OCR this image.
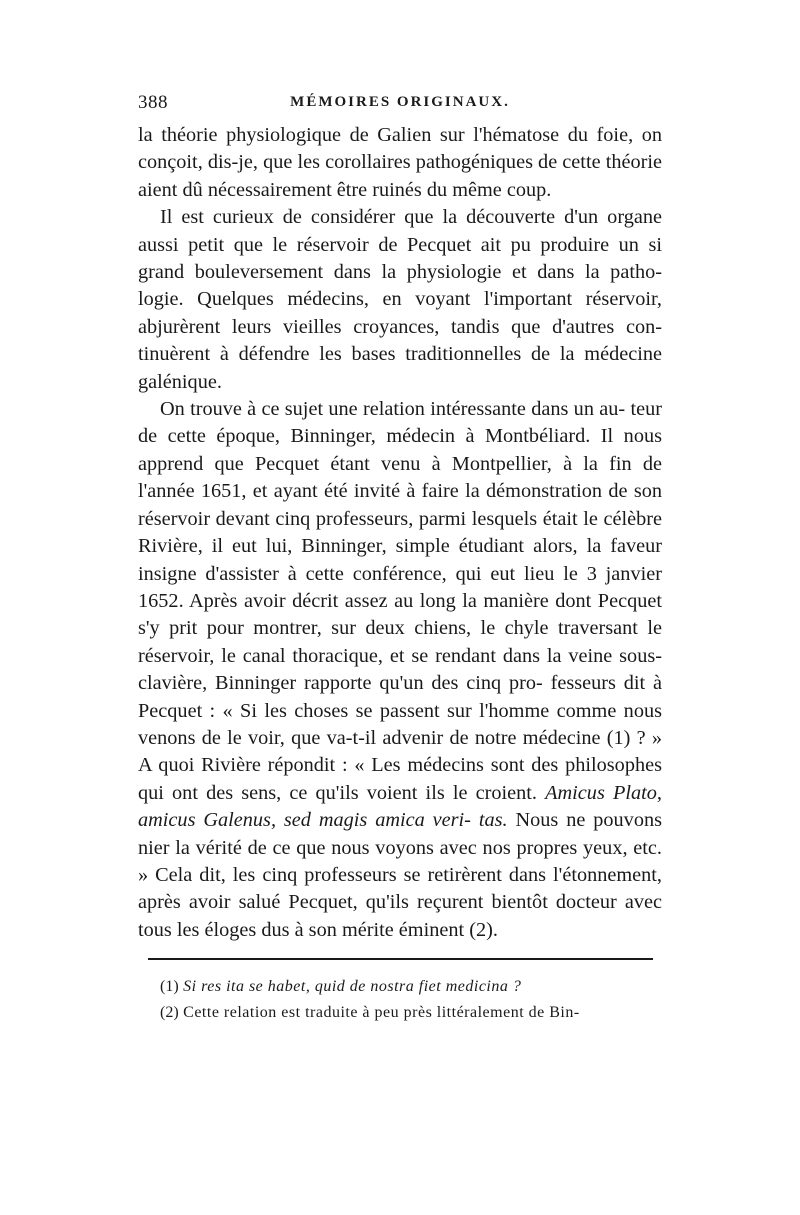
388	MÉMOIRES ORIGINAUX.

la théorie physiologique de Galien sur l'hématose du foie, on conçoit, dis-je, que les corollaires pathogéniques de cette théorie aient dû nécessairement être ruinés du même coup.

Il est curieux de considérer que la découverte d'un organe aussi petit que le réservoir de Pecquet ait pu produire un si grand bouleversement dans la physiologie et dans la patho- logie. Quelques médecins, en voyant l'important réservoir, abjurèrent leurs vieilles croyances, tandis que d'autres con- tinuèrent à défendre les bases traditionnelles de la médecine galénique.

On trouve à ce sujet une relation intéressante dans un au- teur de cette époque, Binninger, médecin à Montbéliard. Il nous apprend que Pecquet étant venu à Montpellier, à la fin de l'année 1651, et ayant été invité à faire la démonstration de son réservoir devant cinq professeurs, parmi lesquels était le célèbre Rivière, il eut lui, Binninger, simple étudiant alors, la faveur insigne d'assister à cette conférence, qui eut lieu le 3 janvier 1652. Après avoir décrit assez au long la manière dont Pecquet s'y prit pour montrer, sur deux chiens, le chyle traversant le réservoir, le canal thoracique, et se rendant dans la veine sous-clavière, Binninger rapporte qu'un des cinq pro- fesseurs dit à Pecquet : « Si les choses se passent sur l'homme comme nous venons de le voir, que va-t-il advenir de notre médecine (1) ? » A quoi Rivière répondit : « Les médecins sont des philosophes qui ont des sens, ce qu'ils voient ils le croient. Amicus Plato, amicus Galenus, sed magis amica veri- tas. Nous ne pouvons nier la vérité de ce que nous voyons avec nos propres yeux, etc. » Cela dit, les cinq professeurs se retirèrent dans l'étonnement, après avoir salué Pecquet, qu'ils reçurent bientôt docteur avec tous les éloges dus à son mérite éminent (2).

(1) Si res ita se habet, quid de nostra fiet medicina ?
(2) Cette relation est traduite à peu près littéralement de Bin-
